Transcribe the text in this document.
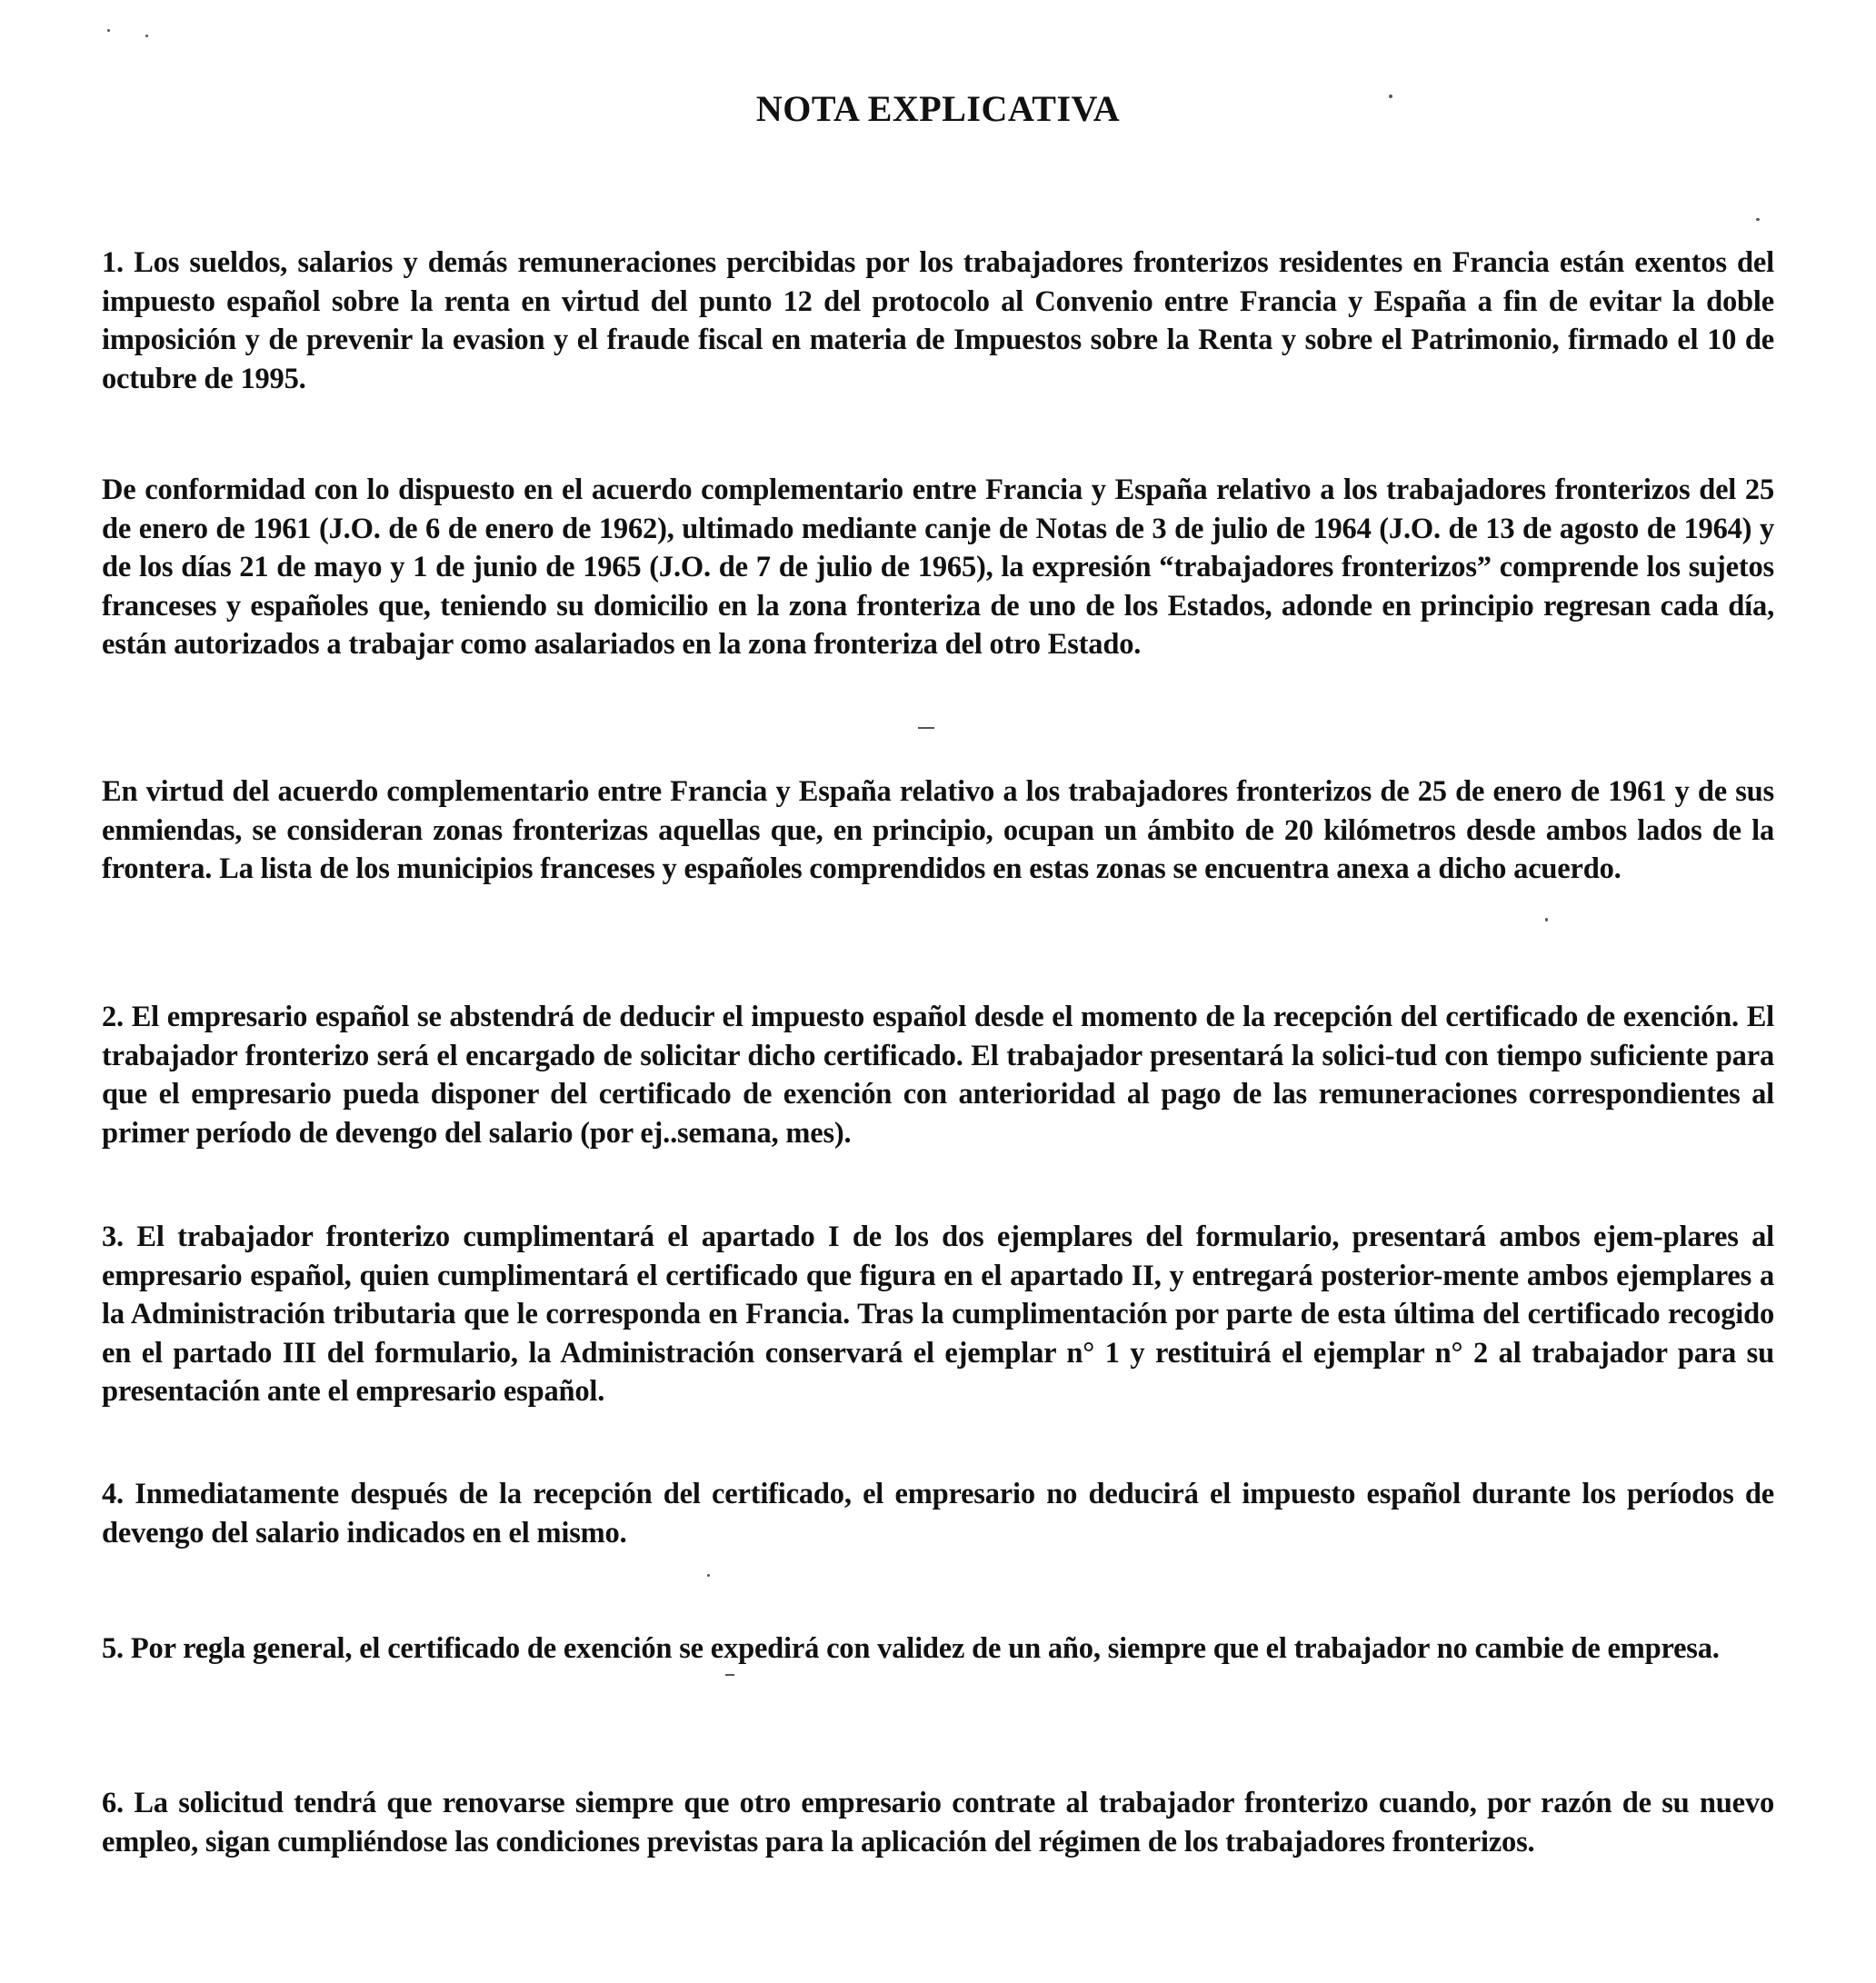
NOTA EXPLICATIVA

1. Los sueldos, salarios y demás remuneraciones percibidas por los trabajadores fronterizos residentes en Francia están exentos del impuesto español sobre la renta en virtud del punto 12 del protocolo al Convenio entre Francia y España a fin de evitar la doble imposición y de prevenir la evasion y el fraude fiscal en materia de Impuestos sobre la Renta y sobre el Patrimonio, firmado el 10 de octubre de 1995.

De conformidad con lo dispuesto en el acuerdo complementario entre Francia y España relativo a los trabajadores fronterizos del 25 de enero de 1961 (J.O. de 6 de enero de 1962), ultimado mediante canje de Notas de 3 de julio de 1964 (J.O. de 13 de agosto de 1964) y de los días 21 de mayo y 1 de junio de 1965 (J.O. de 7 de julio de 1965), la expresión “trabajadores fronterizos” comprende los sujetos franceses y españoles que, teniendo su domicilio en la zona fronteriza de uno de los Estados, adonde en principio regresan cada día, están autorizados a trabajar como asalariados en la zona fronteriza del otro Estado.

En virtud del acuerdo complementario entre Francia y España relativo a los trabajadores fronterizos de 25 de enero de 1961 y de sus enmiendas, se consideran zonas fronterizas aquellas que, en principio, ocupan un ámbito de 20 kilómetros desde ambos lados de la frontera. La lista de los municipios franceses y españoles comprendidos en estas zonas se encuentra anexa a dicho acuerdo.

2. El empresario español se abstendrá de deducir el impuesto español desde el momento de la recepción del certificado de exención. El trabajador fronterizo será el encargado de solicitar dicho certificado. El trabajador presentará la solici-tud con tiempo suficiente para que el empresario pueda disponer del certificado de exención con anterioridad al pago de las remuneraciones correspondientes al primer período de devengo del salario (por ej..semana, mes).

3. El trabajador fronterizo cumplimentará el apartado I de los dos ejemplares del formulario, presentará ambos ejem-plares al empresario español, quien cumplimentará el certificado que figura en el apartado II, y entregará posterior-mente ambos ejemplares a la Administración tributaria que le corresponda en Francia. Tras la cumplimentación por parte de esta última del certificado recogido en el partado III del formulario, la Administración conservará el ejemplar n° 1 y restituirá el ejemplar n° 2 al trabajador para su presentación ante el empresario español.

4. Inmediatamente después de la recepción del certificado, el empresario no deducirá el impuesto español durante los períodos de devengo del salario indicados en el mismo.

5. Por regla general, el certificado de exención se expedirá con validez de un año, siempre que el trabajador no cambie de empresa.

6. La solicitud tendrá que renovarse siempre que otro empresario contrate al trabajador fronterizo cuando, por razón de su nuevo empleo, sigan cumpliéndose las condiciones previstas para la aplicación del régimen de los trabajadores fronterizos.
